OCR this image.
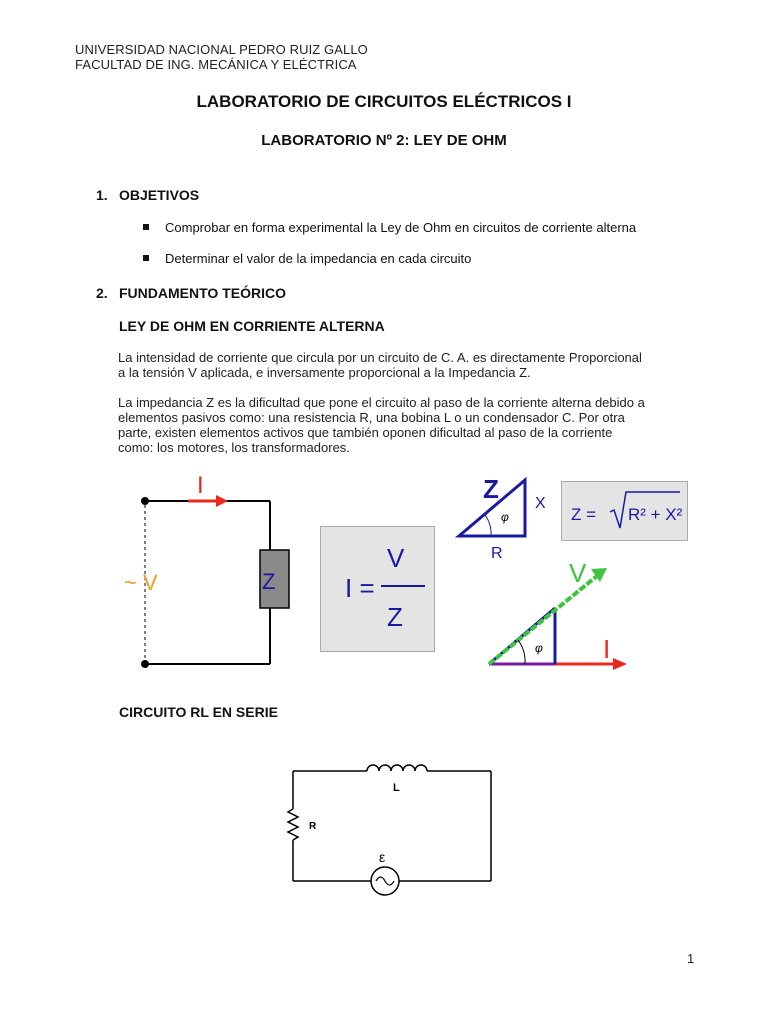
UNIVERSIDAD NACIONAL PEDRO RUIZ GALLO
FACULTAD DE ING. MECÁNICA Y ELÉCTRICA
LABORATORIO DE CIRCUITOS ELÉCTRICOS I
LABORATORIO Nº 2: LEY DE OHM
1. OBJETIVOS
Comprobar en forma experimental la Ley de Ohm en circuitos de corriente alterna
Determinar el valor de la impedancia en cada circuito
2. FUNDAMENTO TEÓRICO
LEY DE OHM EN CORRIENTE ALTERNA
La intensidad de corriente que circula por un circuito de C. A. es directamente Proporcional
a la tensión V aplicada, e inversamente proporcional a la Impedancia Z.
La impedancia Z es la dificultad que pone el circuito al paso de la corriente alterna debido a
elementos pasivos como: una resistencia R, una bobina L o un condensador C. Por otra
parte, existen elementos activos que también oponen dificultad al paso de la corriente
como: los motores, los transformadores.
I
~ V	Z	I =
V
Z
Z X
R
φ	Z = R² + X²
V
I
φ
CIRCUITO RL EN SERIE
L
R
ε
1
